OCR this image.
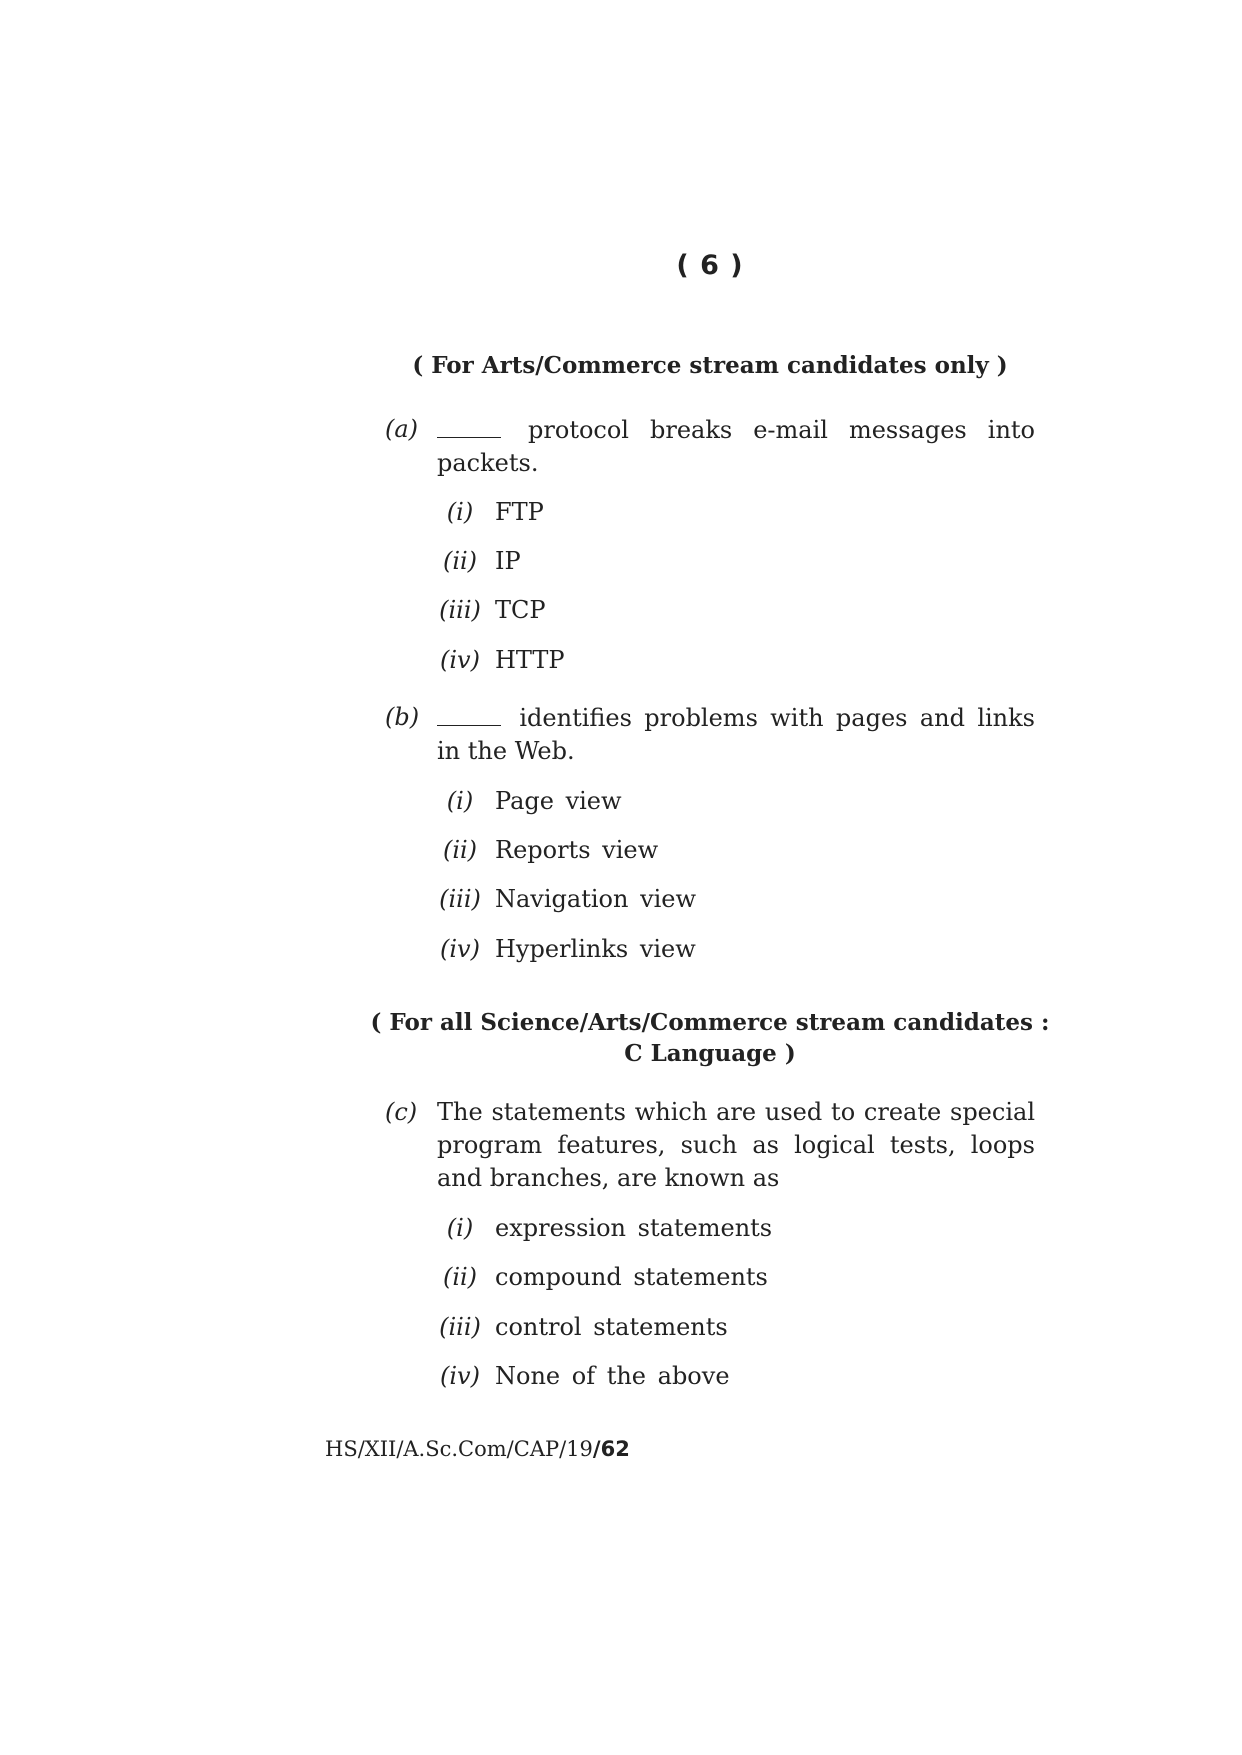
( 6 )
( For Arts/Commerce stream candidates only )
(a)	protocol breaks e-mail messages into packets.
(i) FTP
(ii) IP
(iii) TCP
(iv) HTTP
(b)	identifies problems with pages and links in the Web.
(i) Page view
(ii) Reports view
(iii) Navigation view
(iv) Hyperlinks view
( For all Science/Arts/Commerce stream candidates :
C Language )
(c) The statements which are used to create special program features, such as logical tests, loops and branches, are known as
(i) expression statements
(ii) compound statements
(iii) control statements
(iv) None of the above
HS/XII/A.Sc.Com/CAP/19/62
